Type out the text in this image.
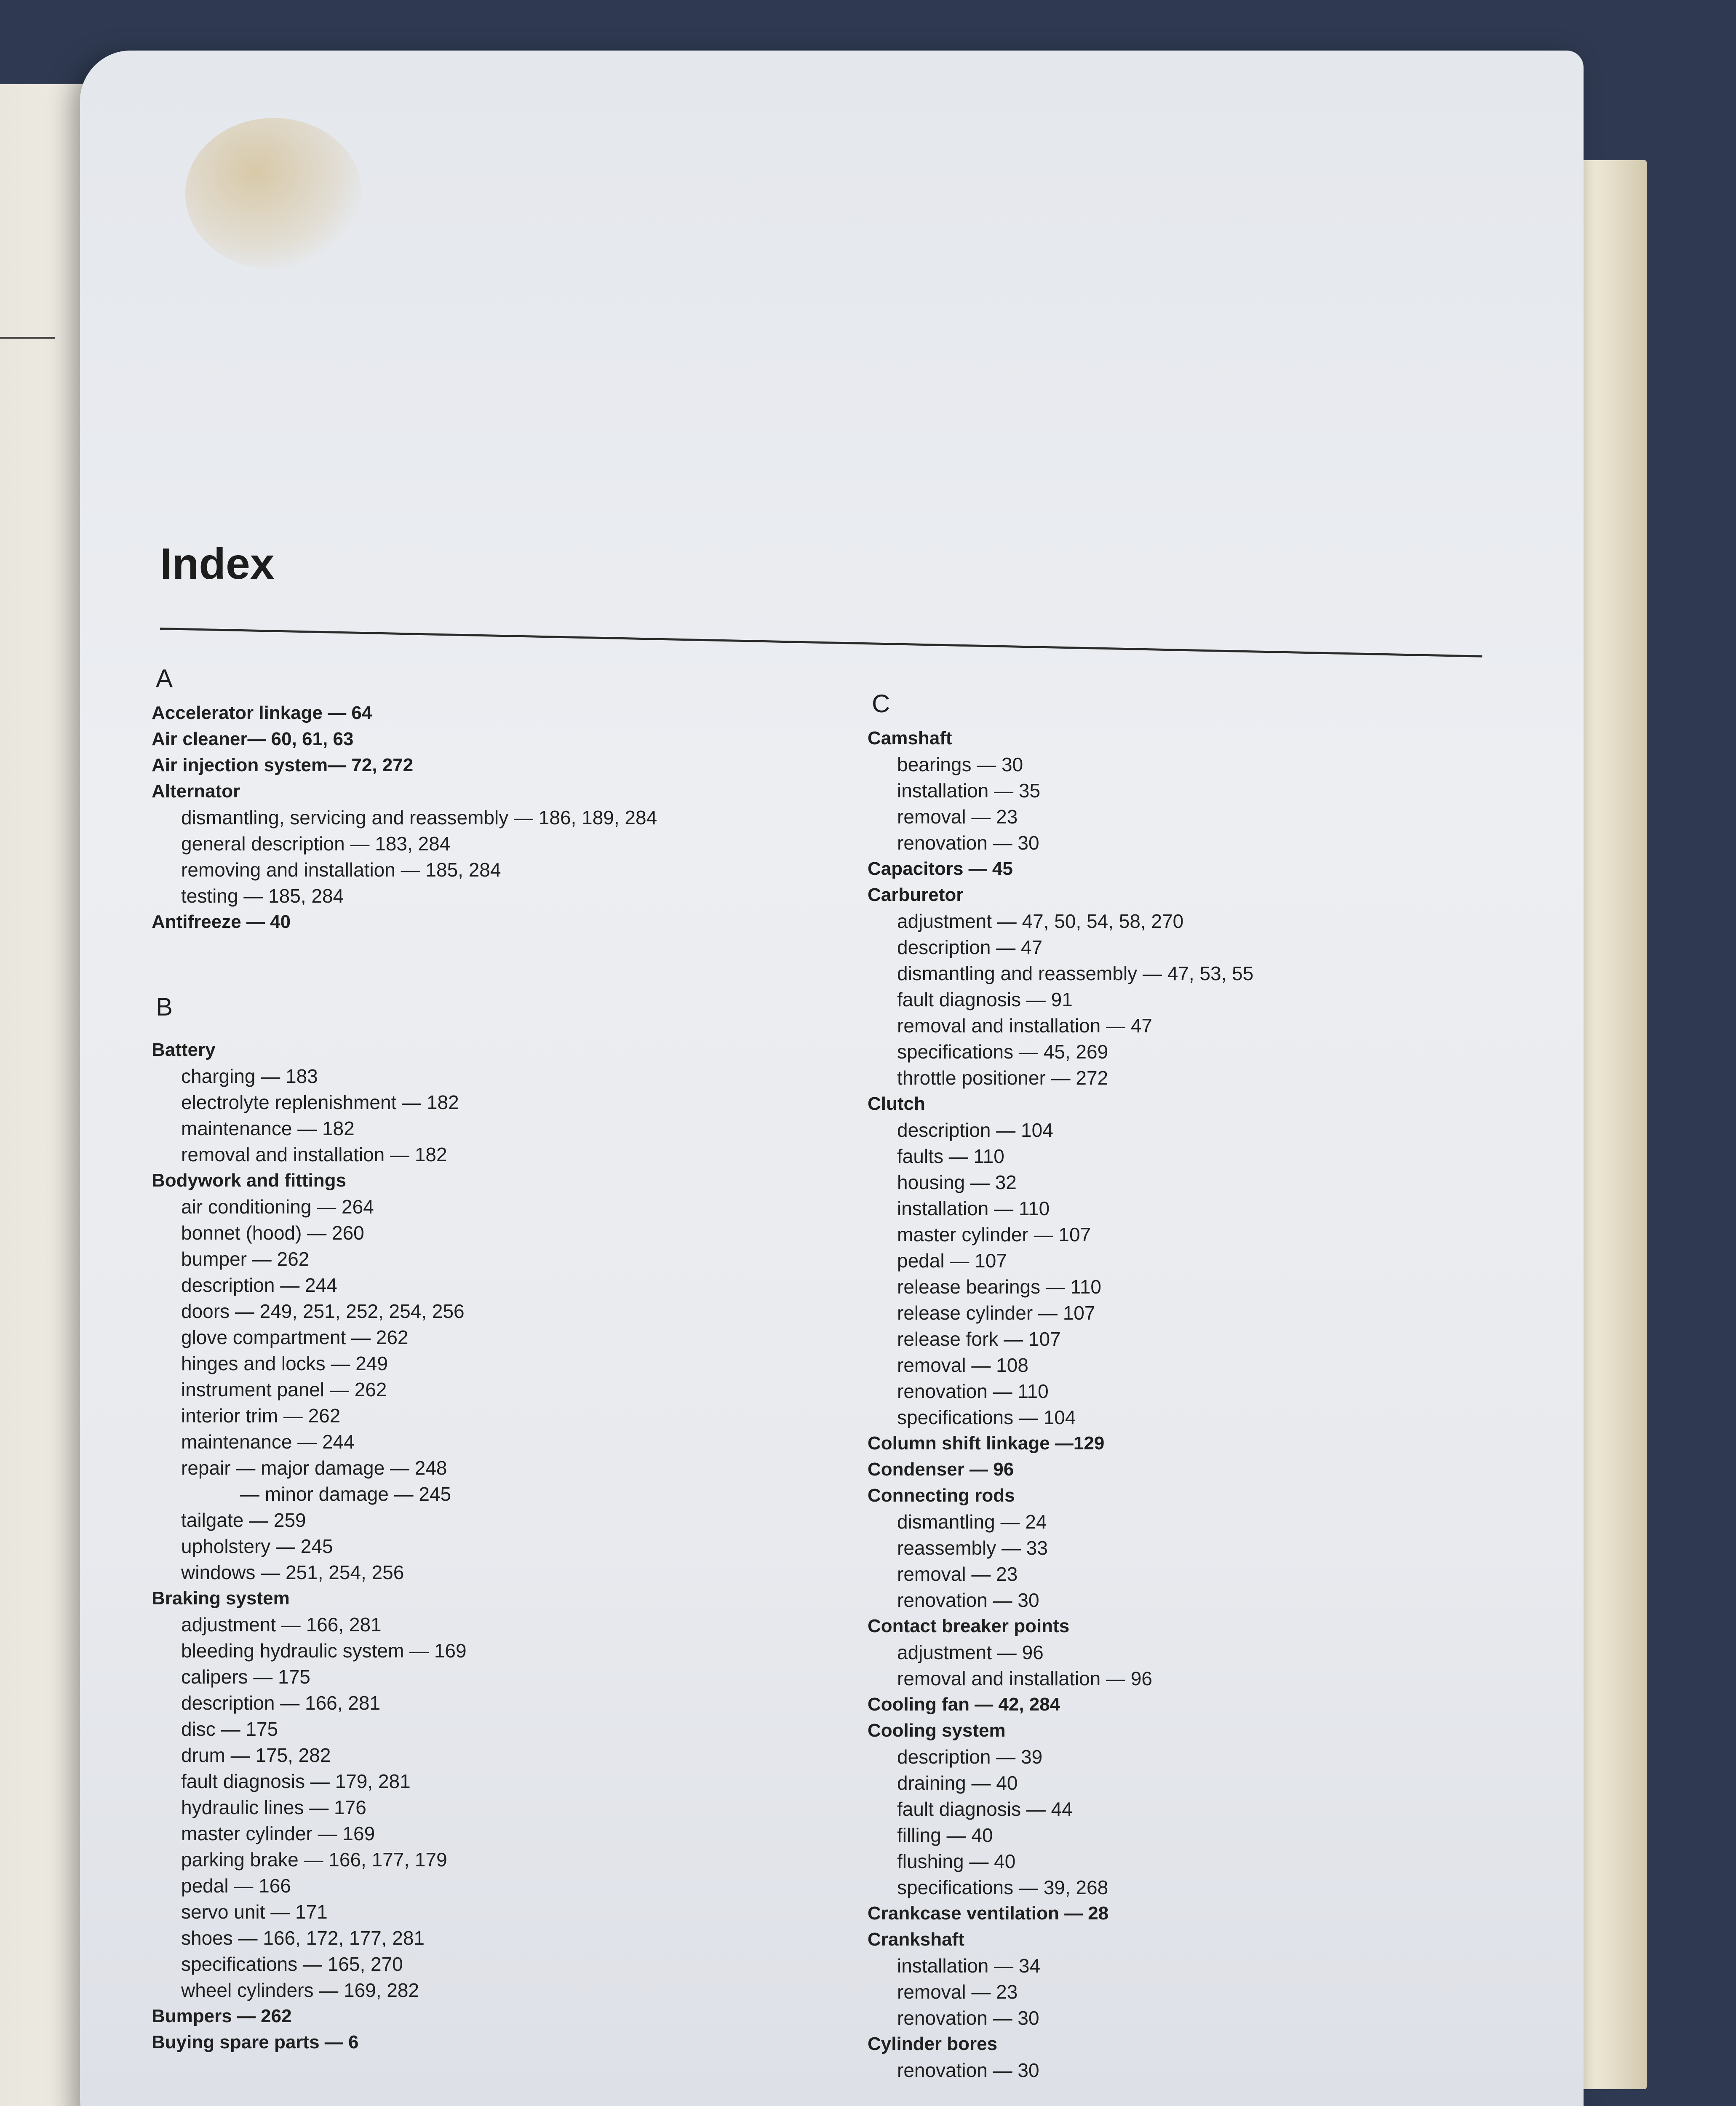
Index
A
Accelerator linkage — 64
Air cleaner— 60, 61, 63
Air injection system— 72, 272
Alternator
dismantling, servicing and reassembly — 186, 189, 284
general description — 183, 284
removing and installation — 185, 284
testing — 185, 284
Antifreeze — 40
B
Battery
charging — 183
electrolyte replenishment — 182
maintenance — 182
removal and installation — 182
Bodywork and fittings
air conditioning — 264
bonnet (hood) — 260
bumper — 262
description — 244
doors — 249, 251, 252, 254, 256
glove compartment — 262
hinges and locks — 249
instrument panel — 262
interior trim — 262
maintenance — 244
repair — major damage — 248
— minor damage — 245
tailgate — 259
upholstery — 245
windows — 251, 254, 256
Braking system
adjustment — 166, 281
bleeding hydraulic system — 169
calipers — 175
description — 166, 281
disc — 175
drum — 175, 282
fault diagnosis — 179, 281
hydraulic lines — 176
master cylinder — 169
parking brake — 166, 177, 179
pedal — 166
servo unit — 171
shoes — 166, 172, 177, 281
specifications — 165, 270
wheel cylinders — 169, 282
Bumpers — 262
Buying spare parts — 6
C
Camshaft
bearings — 30
installation — 35
removal — 23
renovation — 30
Capacitors — 45
Carburetor
adjustment — 47, 50, 54, 58, 270
description — 47
dismantling and reassembly — 47, 53, 55
fault diagnosis — 91
removal and installation — 47
specifications — 45, 269
throttle positioner — 272
Clutch
description — 104
faults — 110
housing — 32
installation — 110
master cylinder — 107
pedal — 107
release bearings — 110
release cylinder — 107
release fork — 107
removal — 108
renovation — 110
specifications — 104
Column shift linkage —129
Condenser — 96
Connecting rods
dismantling — 24
reassembly — 33
removal — 23
renovation — 30
Contact breaker points
adjustment — 96
removal and installation — 96
Cooling fan — 42, 284
Cooling system
description — 39
draining — 40
fault diagnosis — 44
filling — 40
flushing — 40
specifications — 39, 268
Crankcase ventilation — 28
Crankshaft
installation — 34
removal — 23
renovation — 30
Cylinder bores
renovation — 30
